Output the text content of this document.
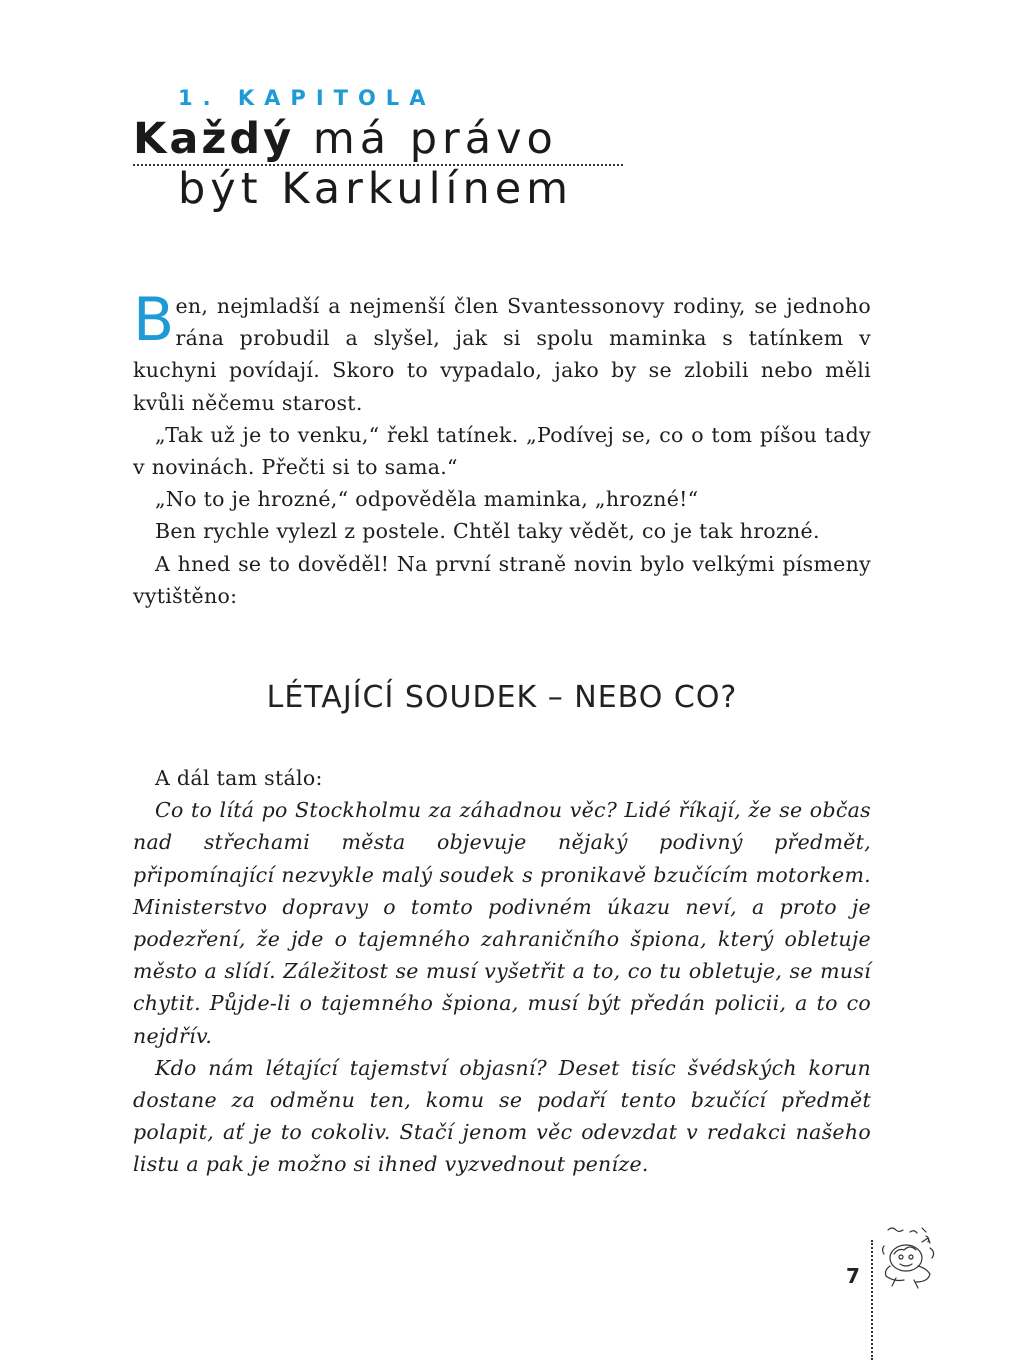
1. KAPITOLA
Každý má právo
být Karkulínem

Ben, nejmladší a nejmenší člen Svantessonovy rodiny, se jednoho rána probudil a slyšel, jak si spolu maminka s tatínkem v kuchyni povídají. Skoro to vypadalo, jako by se zlobili nebo měli kvůli něčemu starost.

„Tak už je to venku,“ řekl tatínek. „Podívej se, co o tom píšou tady v novinách. Přečti si to sama.“

„No to je hrozné,“ odpověděla maminka, „hrozné!“

Ben rychle vylezl z postele. Chtěl taky vědět, co je tak hrozné.

A hned se to dověděl! Na první straně novin bylo velkými písmeny vytištěno:

LÉTAJÍCÍ SOUDEK – NEBO CO?

A dál tam stálo:

Co to lítá po Stockholmu za záhadnou věc? Lidé říkají, že se občas nad střechami města objevuje nějaký podivný předmět, připomínající nezvykle malý soudek s pronikavě bzučícím motorkem. Ministerstvo dopravy o tomto podivném úkazu neví, a proto je podezření, že jde o tajemného zahraničního špiona, který obletuje město a slídí. Záležitost se musí vyšetřit a to, co tu obletuje, se musí chytit. Půjde-li o tajemného špiona, musí být předán policii, a to co nejdřív.

Kdo nám létající tajemství objasní? Deset tisíc švédských korun dostane za odměnu ten, komu se podaří tento bzučící předmět polapit, ať je to cokoliv. Stačí jenom věc odevzdat v redakci našeho listu a pak je možno si ihned vyzvednout peníze.

7
